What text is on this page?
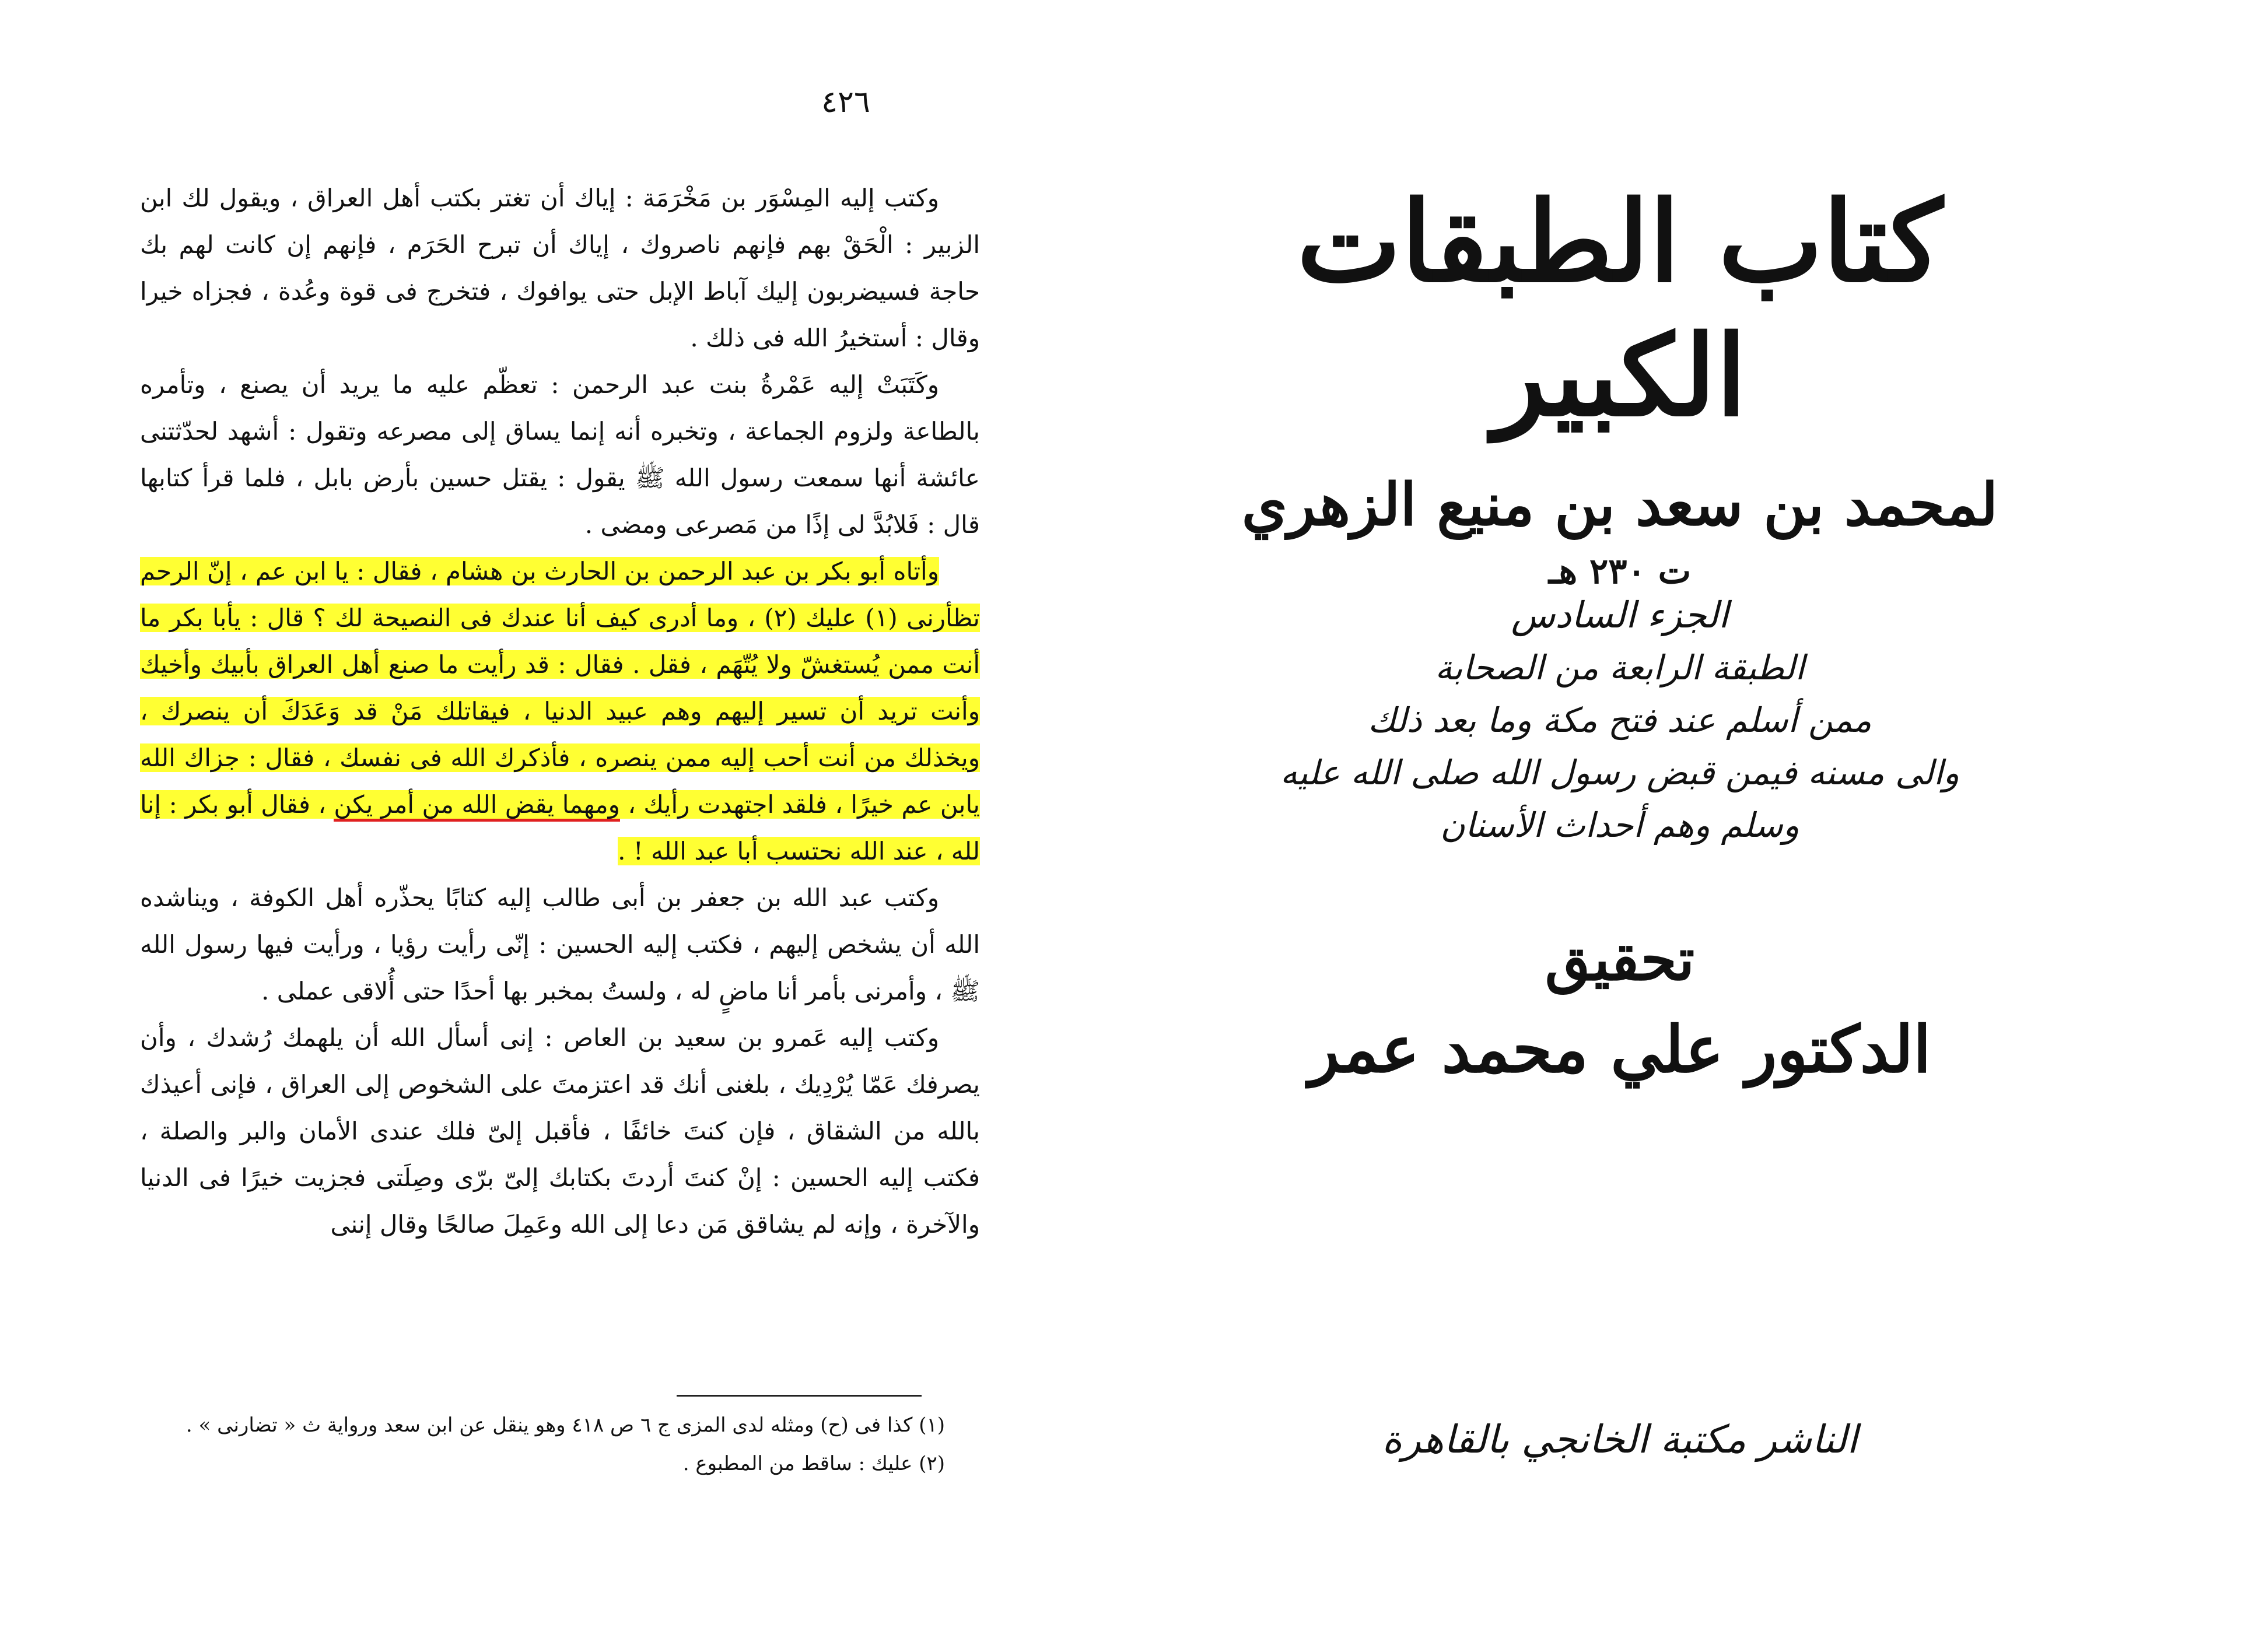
٤٢٦

وكتب إليه المِسْوَر بن مَخْرَمَة : إياك أن تغتر بكتب أهل العراق ، ويقول لك ابن الزبير : الْحَقْ بهم فإنهم ناصروك ، إياك أن تبرح الحَرَم ، فإنهم إن كانت لهم بك حاجة فسيضربون إليك آباط الإبل حتى يوافوك ، فتخرج فى قوة وعُدة ، فجزاه خيرا وقال : أستخيرُ الله فى ذلك .

وكَتَبَتْ إليه عَمْرةُ بنت عبد الرحمن : تعظّم عليه ما يريد أن يصنع ، وتأمره بالطاعة ولزوم الجماعة ، وتخبره أنه إنما يساق إلى مصرعه وتقول : أشهد لحدّثتنى عائشة أنها سمعت رسول الله ﷺ يقول : يقتل حسين بأرض بابل ، فلما قرأ كتابها قال : فَلابُدَّ لى إذًا من مَصرعى ومضى .

وأتاه أبو بكر بن عبد الرحمن بن الحارث بن هشام ، فقال : يا ابن عم ، إنّ الرحم تظأرنى (١) عليك (٢) ، وما أدرى كيف أنا عندك فى النصيحة لك ؟ قال : يأبا بكر ما أنت ممن يُستغشّ ولا يُتّهَم ، فقل . فقال : قد رأيت ما صنع أهل العراق بأبيك وأخيك وأنت تريد أن تسير إليهم وهم عبيد الدنيا ، فيقاتلك مَنْ قد وَعَدَكَ أن ينصرك ، ويخذلك من أنت أحب إليه ممن ينصره ، فأذكرك الله فى نفسك ، فقال : جزاك الله يابن عم خيرًا ، فلقد اجتهدت رأيك ، ومهما يقض الله من أمر يكن ، فقال أبو بكر : إنا لله ، عند الله نحتسب أبا عبد الله ! .

وكتب عبد الله بن جعفر بن أبى طالب إليه كتابًا يحذّره أهل الكوفة ، ويناشده الله أن يشخص إليهم ، فكتب إليه الحسين : إنّى رأيت رؤيا ، ورأيت فيها رسول الله ﷺ ، وأمرنى بأمر أنا ماضٍ له ، ولستُ بمخبر بها أحدًا حتى أُلاقى عملى .

وكتب إليه عَمرو بن سعيد بن العاص : إنى أسأل الله أن يلهمك رُشدك ، وأن يصرفك عَمّا يُرْدِيك ، بلغنى أنك قد اعتزمتَ على الشخوص إلى العراق ، فإنى أعيذك بالله من الشقاق ، فإن كنتَ خائفًا ، فأقبل إلىّ فلك عندى الأمان والبر والصلة ، فكتب إليه الحسين : إنْ كنتَ أردتَ بكتابك إلىّ برّى وصِلَتى فجزيت خيرًا فى الدنيا والآخرة ، وإنه لم يشاقق مَن دعا إلى الله وعَمِلَ صالحًا وقال إننى

(١) كذا فى (ح) ومثله لدى المزى ج ٦ ص ٤١٨ وهو ينقل عن ابن سعد ورواية ث « تضارنى » .

(٢) عليك : ساقط من المطبوع .

كتاب الطبقات الكبير

لمحمد بن سعد بن منيع الزهري

ت ٢٣٠ هـ

الجزء السادس

الطبقة الرابعة من الصحابة

ممن أسلم عند فتح مكة وما بعد ذلك

والى مسنه فيمن قبض رسول الله صلى الله عليه وسلم وهم أحداث الأسنان

تحقيق

الدكتور علي محمد عمر

الناشر مكتبة الخانجي بالقاهرة
